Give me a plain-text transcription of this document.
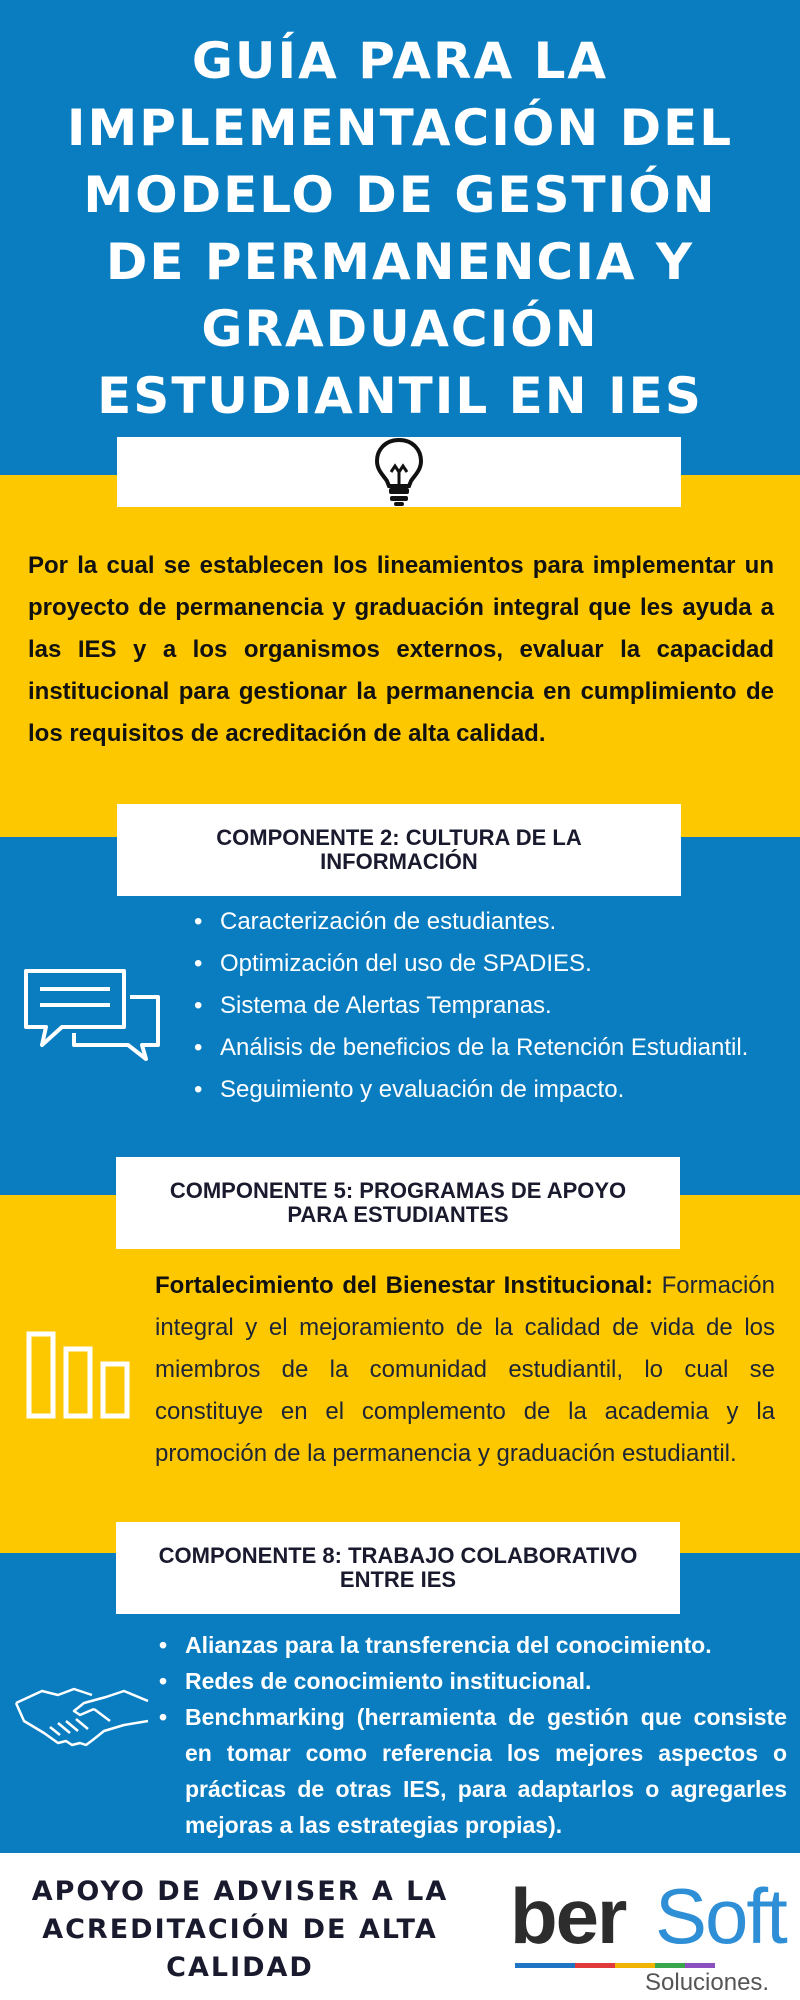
GUÍA PARA LA
IMPLEMENTACIÓN DEL
MODELO DE GESTIÓN
DE PERMANENCIA Y
GRADUACIÓN
ESTUDIANTIL EN IES

Por la cual se establecen los lineamientos para implementar un proyecto de permanencia y graduación integral que les ayuda a las IES y a los organismos externos, evaluar la capacidad institucional para gestionar la permanencia en cumplimiento de los requisitos de acreditación de alta calidad.

• Caracterización de estudiantes.
• Optimización del uso de SPADIES.
• Sistema de Alertas Tempranas.
• Análisis de beneficios de la Retención Estudiantil.
• Seguimiento y evaluación de impacto.
COMPONENTE 2: CULTURA DE LA
INFORMACIÓN

Fortalecimiento del Bienestar Institucional: Formación integral y el mejoramiento de la calidad de vida de los miembros de la comunidad estudiantil, lo cual se constituye en el complemento de la academia y la promoción de la permanencia y graduación estudiantil.

COMPONENTE 5: PROGRAMAS DE APOYO
PARA ESTUDIANTES
• Alianzas para la transferencia del conocimiento.
• Redes de conocimiento institucional.
• Benchmarking (herramienta de gestión que consiste en tomar como referencia los mejores aspectos o prácticas de otras IES, para adaptarlos o agregarles mejoras a las estrategias propias).
COMPONENTE 8: TRABAJO COLABORATIVO
ENTRE IES
APOYO DE ADVISER A LA
ACREDITACIÓN DE ALTA
CALIDAD
ber Soft
Soluciones.
